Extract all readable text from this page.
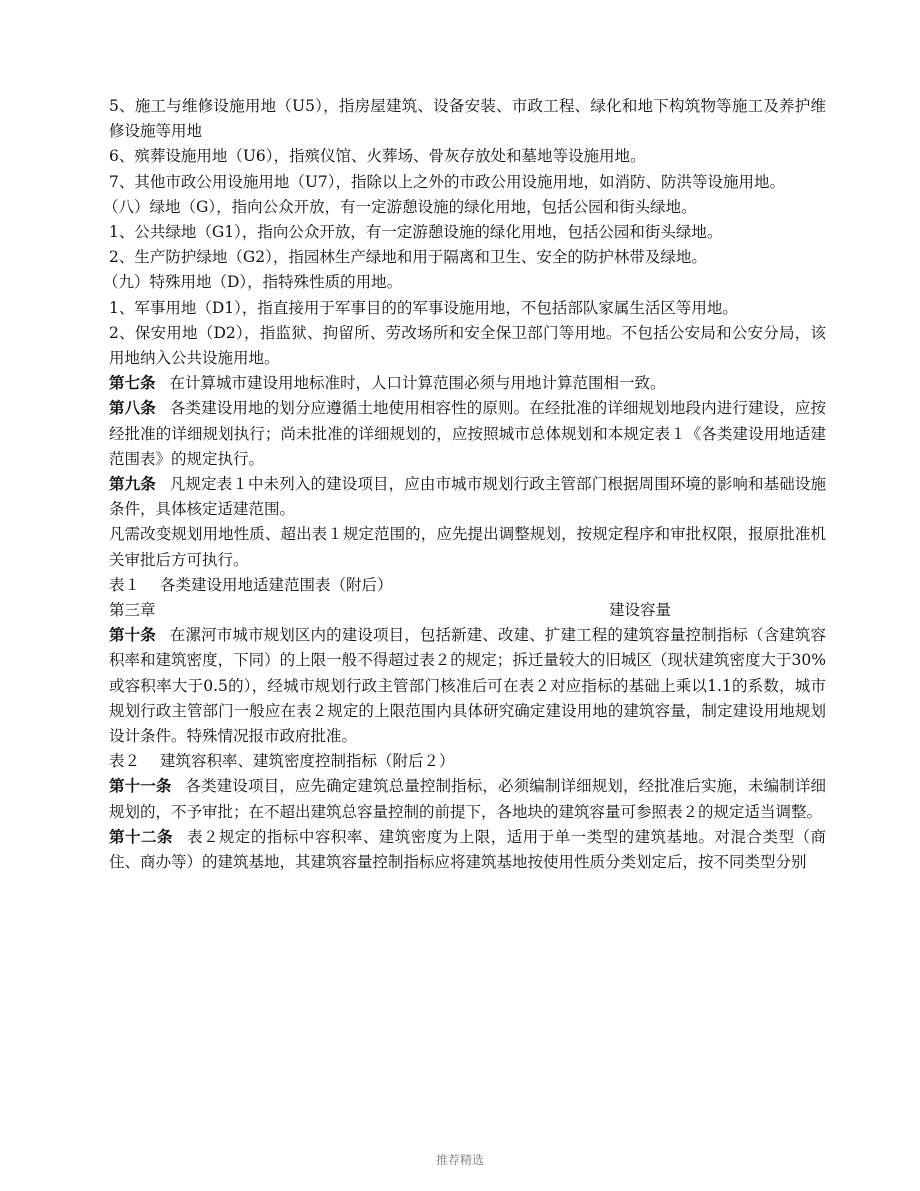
5、施工与维修设施用地（U5），指房屋建筑、设备安装、市政工程、绿化和地下构筑物等施工及养护维修设施等用地

6、殡葬设施用地（U6），指殡仪馆、火葬场、骨灰存放处和墓地等设施用地。

7、其他市政公用设施用地（U7），指除以上之外的市政公用设施用地，如消防、防洪等设施用地。

（八）绿地（G），指向公众开放，有一定游憩设施的绿化用地，包括公园和街头绿地。

1、公共绿地（G1），指向公众开放，有一定游憩设施的绿化用地，包括公园和街头绿地。

2、生产防护绿地（G2），指园林生产绿地和用于隔离和卫生、安全的防护林带及绿地。

（九）特殊用地（D），指特殊性质的用地。

1、军事用地（D1），指直接用于军事目的的军事设施用地，不包括部队家属生活区等用地。

2、保安用地（D2），指监狱、拘留所、劳改场所和安全保卫部门等用地。不包括公安局和公安分局，该用地纳入公共设施用地。

第七条 在计算城市建设用地标准时，人口计算范围必须与用地计算范围相一致。

第八条 各类建设用地的划分应遵循土地使用相容性的原则。在经批准的详细规划地段内进行建设，应按经批准的详细规划执行；尚未批准的详细规划的，应按照城市总体规划和本规定表１《各类建设用地适建范围表》的规定执行。

第九条 凡规定表１中未列入的建设项目，应由市城市规划行政主管部门根据周围环境的影响和基础设施条件，具体核定适建范围。

凡需改变规划用地性质、超出表１规定范围的，应先提出调整规划，按规定程序和审批权限，报原批准机关审批后方可执行。

表１ 各类建设用地适建范围表（附后）

第三章	建设容量

第十条 在漯河市城市规划区内的建设项目，包括新建、改建、扩建工程的建筑容量控制指标（含建筑容积率和建筑密度，下同）的上限一般不得超过表２的规定；拆迁量较大的旧城区（现状建筑密度大于30%或容积率大于0.5的），经城市规划行政主管部门核准后可在表２对应指标的基础上乘以1.1的系数，城市规划行政主管部门一般应在表２规定的上限范围内具体研究确定建设用地的建筑容量，制定建设用地规划设计条件。特殊情况报市政府批准。

表２ 建筑容积率、建筑密度控制指标（附后２）

第十一条 各类建设项目，应先确定建筑总量控制指标，必须编制详细规划，经批准后实施，未编制详细规划的，不予审批；在不超出建筑总容量控制的前提下，各地块的建筑容量可参照表２的规定适当调整。

第十二条 表２规定的指标中容积率、建筑密度为上限，适用于单一类型的建筑基地。对混合类型（商住、商办等）的建筑基地，其建筑容量控制指标应将建筑基地按使用性质分类划定后，按不同类型分别

推荐精选
